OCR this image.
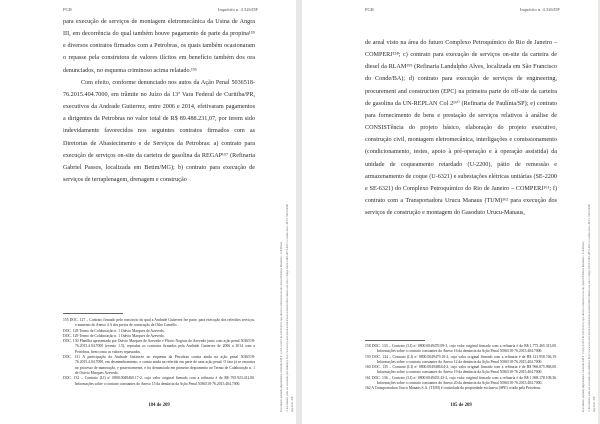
PGR	Inquérito n. 4.326/DF

para execução de serviços de montagem eletromecânica da Usina de Angra III, em decorrência do qual também houve pagamento de parte da propina¹⁵⁵ e diversos contratos firmados com a Petrobras, os quais também ocasionaram o repasse pela construtora de valores ilícitos em benefício também dos ora denunciados, no esquema criminoso acima relatado.¹⁵⁶

Com efeito, conforme denunciado nos autos da Ação Penal 5036518-76.2015.404.7000, em trâmite no Juízo da 13ª Vara Federal de Curitiba/PR, executivos da Andrade Gutierrez, entre 2006 e 2014, efetivaram pagamentos a dirigentes da Petrobras no valor total de R$ 89.488.231,07, por terem sido indevidamente favorecidos nos seguintes contratos firmados com as Diretorias de Abastecimento e de Serviços da Petrobras: a) contrato para execução de serviços on-site da carteira de gasolina da REGAP¹⁵⁷ (Refinaria Gabriel Passos, localizada em Betim/MG); b) contrato para execução de serviços de terraplenagem, drenagem e construção

155 DOC. 127 – Contrato firmado pelo consórcio do qual a Andrade Gutierrez fez parte, para execução dos referidos serviços, e aumento do Anexo 4 A dos pretos de construção de Otho Camello.

DOC. 128 Termo de Colaboração n. 1 Otávio Marques de Azevedo.

DOC. 129 Termo de Colaboração n. 1 Otávio Marques de Azevedo.

DOC. 130 Planilha apresentada por Otávio Marques de Azevedo e Flávio Nogiras de Azevedo junto com ação penal 5036518-76.2015.4.04.7000 (evento 1.5), reproduz os contratos firmados pela Andrade Gutierrez de 2006 a 2014 com a Petrobras, bem como os valores repassados.

DOC. 131 A participação da Andrade Gutierrez no esquema da Petrobras consta ainda na ação penal 5036518-76.2015.4.04.7000, em desmembramento, e consta ainda na referida em parte de uma ação penal. O fato já se encontra no processo de numeração, e posteriormente, e foi denunciado em primeiro depoimento no Termo de Colaboração n. 1 de Otávio Marques Azevedo.

DOC. 132 – Contrato (LI) nº 0800.0049460.17-2, cujo valor original firmado com a refinaria é de R$ 765.923.412,00. Informações sobre o contrato constantes do Anexo 15 da denúncia da Ação Penal 5036518-76.2015.404.7000.

184 de 209	Documento assinado digitalmente conforme MP n° 2.200-2/2001 de 24/08/2001, que institui a Infraestrutura de Chaves Públicas Brasileira - ICP-Brasil. O documento pode ser acessado pelo endereço http://www.stf.jus.br/portal/autenticacao/autenticarDocumento.asp sob o código 8A06-14E9-2B72-D9C5 e senha 4A3C-8F15-71B2-0D6E Inq 4326 / DF
PGR	Inquérito n. 4.326/DF

de areal visto na área do futuro Complexo Petroquímico do Rio de Janeiro – COMPERJ¹⁵⁸; c) contrato para execução de serviços on-site da carteira de diesel da RLAM¹⁵⁹ (Refinaria Landulpho Alves, localizada em São Francisco do Conde/BA); d) contrato para execução de serviços de engineering, procurement and construction (EPC) na primeira parte do off-site da carteira de gasolina da UN-REPLAN Col 2¹⁶⁰ (Refinaria de Paulínia/SP); e) contrato para fornecimento de bens e prestação de serviços relativos à análise de CONSISTência do projeto básico, elaboração do projeto executivo, construção civil, montagem eletromecânica, interligações e comissionamento (condicionamento, testes, apoio à pré-operação e à operação assistida) da unidade de coqueamento retardado (U-2200), pátio de remessão e armazenamento de coque (U-6321) e subestações elétricas unitárias (SE-2200 e SE-6321) do Complexo Petroquímico do Rio de Janeiro – COMPERJ¹⁶¹; f) contrato com a Transportadora Urucu Manaus (TUM)¹⁶² para execução dos serviços de construção e montagem do Gasoduto Urucu-Manaus,

158 DOC. 133 – Contrato (LI) nº 0800.0049470.09-2, cujo valor original firmado com a refinaria é de R$ 1.775.465.313,00. Informações sobre o contrato constantes do Anexo 16 da denúncia da Ação Penal 5036518-76.2015.404.7000.

159 DOC. 134 – Contrato (LI) nº 0800.0049479.10-2, cujo valor original firmado com a refinaria é de R$ 121.958.746,19. Informações sobre o contrato constantes do Anexo 12 da denúncia da Ação Penal 5036518-76.2015.404.7000.

160 DOC. 135 – Contrato (LI) nº 0800.0049486.04-2, cujo valor original firmado com a refinaria é de R$ 966.875.968,00. Informações sobre o contrato constantes do Anexo 19 da denúncia da Ação Penal 5036518-76.2015.404.7000.

161 DOC. 136 – Contrato (LI) nº 0800.0049435.43-2, cujo valor original firmado com a refinaria é de R$ 1.968.178.108,36. Informações sobre o contrato constantes do Anexo 20 da denúncia da Ação Penal 5036518-76.2015.404.7000.

162 A Transportadora Urucu Manaus S.A. (TUM) é controlada da propriedade exclusiva (SPE) criada pela Petrobras.

185 de 209	Documento assinado digitalmente conforme MP n° 2.200-2/2001 de 24/08/2001, que institui a Infraestrutura de Chaves Públicas Brasileira - ICP-Brasil. O documento pode ser acessado pelo endereço http://www.stf.jus.br/portal/autenticacao/autenticarDocumento.asp sob o código 8A06-14E9-2B72-D9C5 e senha 4A3C-8F15-71B2-0D6E Inq 4326 / DF
